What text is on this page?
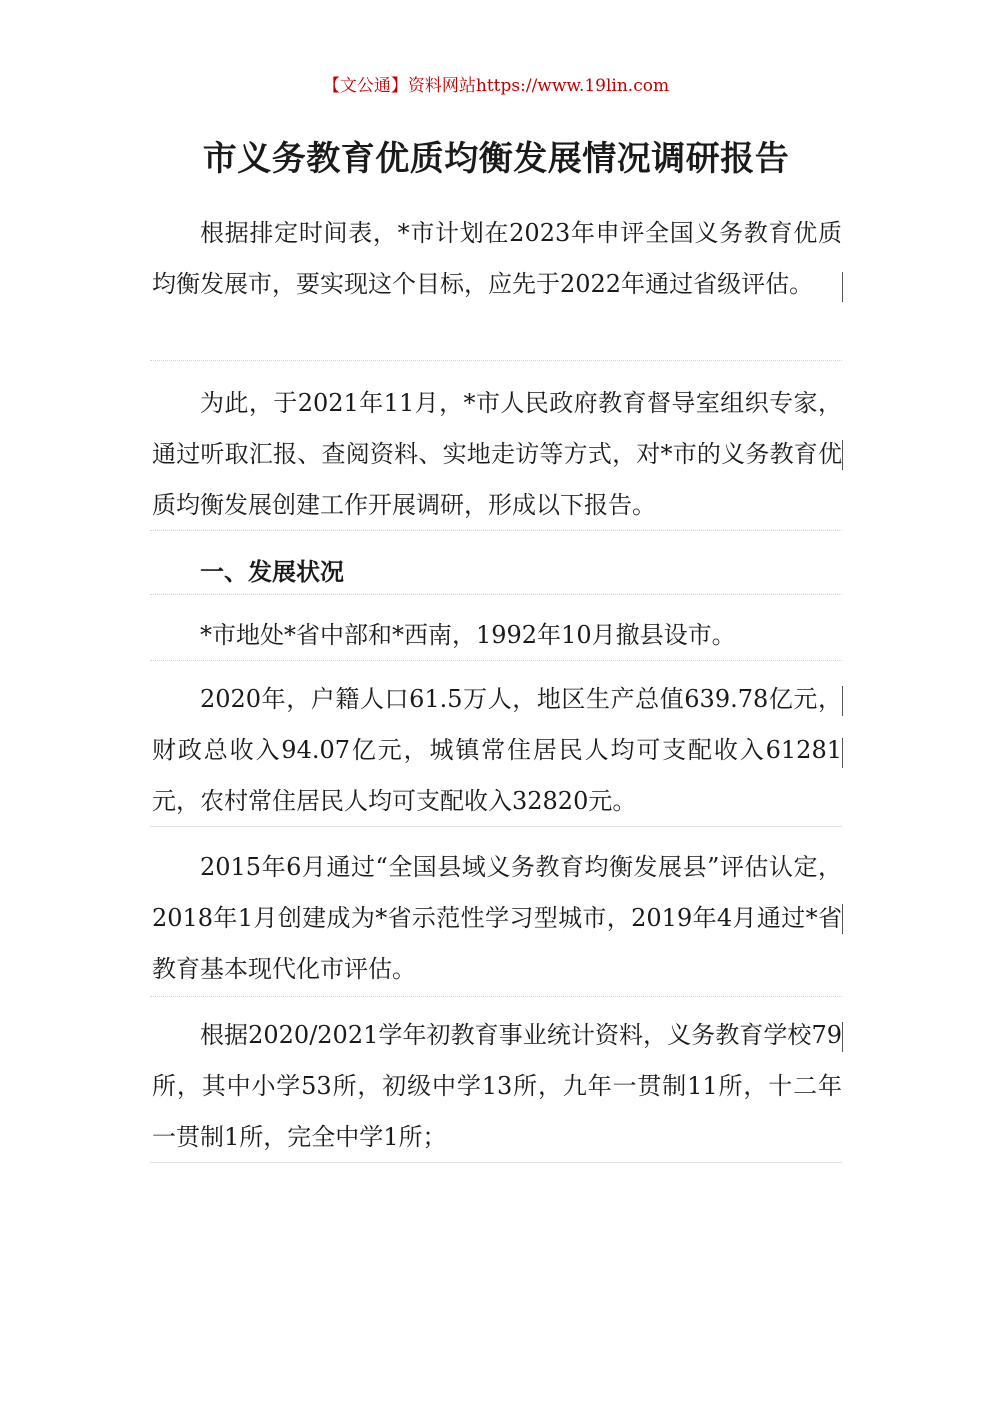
【文公通】资料网站https://www.19lin.com
市义务教育优质均衡发展情况调研报告

根据排定时间表，*市计划在2023年申评全国义务教育优质均衡发展市，要实现这个目标，应先于2022年通过省级评估。

为此，于2021年11月，*市人民政府教育督导室组织专家，通过听取汇报、查阅资料、实地走访等方式，对*市的义务教育优质均衡发展创建工作开展调研，形成以下报告。

一、发展状况

*市地处*省中部和*西南，1992年10月撤县设市。

2020年，户籍人口61.5万人，地区生产总值639.78亿元，财政总收入94.07亿元，城镇常住居民人均可支配收入61281元，农村常住居民人均可支配收入32820元。

2015年6月通过“全国县域义务教育均衡发展县”评估认定，2018年1月创建成为*省示范性学习型城市，2019年4月通过*省教育基本现代化市评估。

根据2020/2021学年初教育事业统计资料，义务教育学校79所，其中小学53所，初级中学13所，九年一贯制11所，十二年一贯制1所，完全中学1所；
